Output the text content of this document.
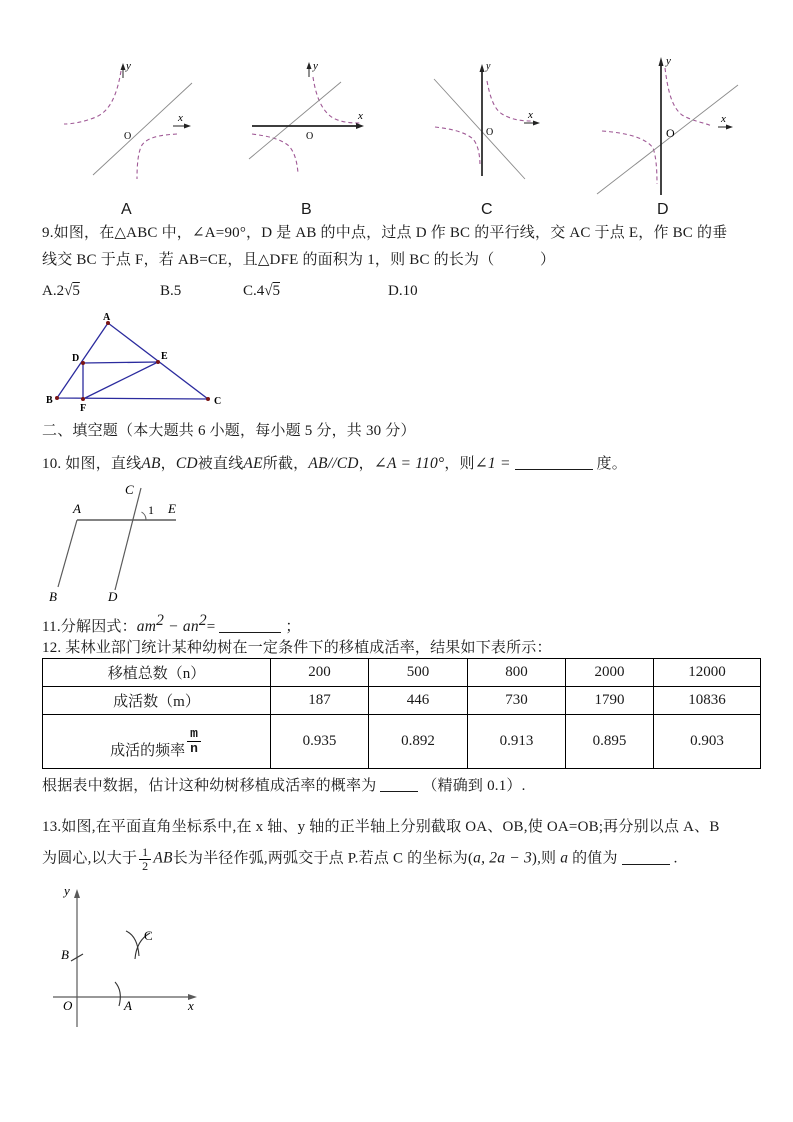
y
x
O
y
x
O
y
x
O
y
x
O
A	B	C	D
9.如图，在△ABC 中，∠A=90°，D 是 AB 的中点，过点 D 作 BC 的平行线，交 AC 于点 E，作 BC 的垂
线交 BC 于点 F，若 AB=CE，且△DFE 的面积为 1，则 BC 的长为（　　　）
A.2√5	B.5	C.4√5	D.10
A
B	C
D	E
F
二、填空题（本大题共 6 小题，每小题 5 分，共 30 分）
10. 如图，直线AB，CD被直线AE所截，AB//CD，∠A = 110°，则∠1 =	度。
C
A	1 E
B	D
11.分解因式：$am^2 - an^2=$	；
12. 某林业部门统计某种幼树在一定条件下的移植成活率，结果如下表所示：
移植总数（n）	200	500	800	2000	12000
成活数（m）	187	446	730	1790	10836

成活的频率 $\frac{m}{n}$	0.935	0.892	0.913	0.895	0.903
根据表中数据，估计这种幼树移植成活率的概率为	（精确到 0.1）.
13.如图,在平面直角坐标系中,在 x 轴、y 轴的正半轴上分别截取 OA、OB,使 OA=OB;再分别以点 A、B
为圆心,以大于 $\frac{1}{2}$ AB长为半径作弧,两弧交于点 P.若点 C 的坐标为(a, 2a − 3),则 a 的值为	.
y
x
O
B
A
C
